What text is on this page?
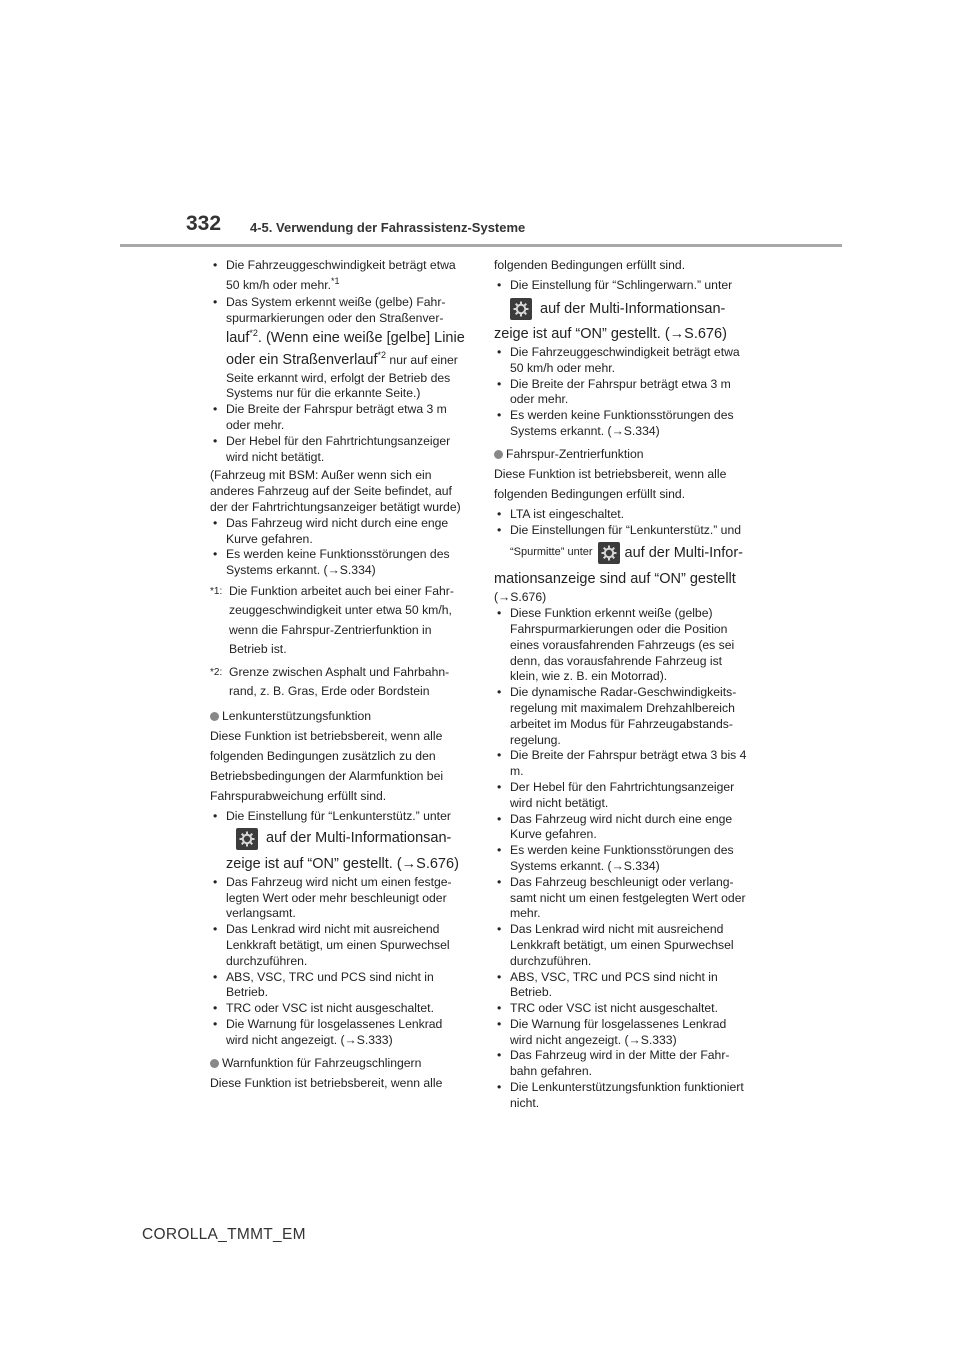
332 4-5. Verwendung der Fahrassistenz-Systeme
• Die Fahrzeuggeschwindigkeit beträgt etwa
50 km/h oder mehr.$^{*1}$
• Das System erkennt weiße (gelbe) Fahrspurmarkierungen oder den Straßenver-
lauf$^{*2}$. (Wenn eine weiße [gelbe] Linie
oder ein Straßenverlauf$^{*2}$ nur auf einer Seite erkannt wird, erfolgt der Betrieb des Systems nur für die erkannte Seite.)
• Die Breite der Fahrspur beträgt etwa 3 m oder mehr.
• Der Hebel für den Fahrtrichtungsanzeiger wird nicht betätigt.
(Fahrzeug mit BSM: Außer wenn sich ein anderes Fahrzeug auf der Seite befindet, auf der der Fahrtrichtungsanzeiger betätigt wurde)
• Das Fahrzeug wird nicht durch eine enge Kurve gefahren.
• Es werden keine Funktionsstörungen des Systems erkannt. (→S.334)
*1: Die Funktion arbeitet auch bei einer Fahrzeuggeschwindigkeit unter etwa 50 km/h, wenn die Fahrspur-Zentrierfunktion in Betrieb ist.
*2: Grenze zwischen Asphalt und Fahrbahnrand, z. B. Gras, Erde oder Bordstein
Lenkunterstützungsfunktion
Diese Funktion ist betriebsbereit, wenn alle folgenden Bedingungen zusätzlich zu den Betriebsbedingungen der Alarmfunktion bei Fahrspurabweichung erfüllt sind.
• Die Einstellung für “Lenkunterstütz.” unter
auf der Multi-Informationsan-
zeige ist auf “ON” gestellt. (→S.676)
• Das Fahrzeug wird nicht um einen festgelegten Wert oder mehr beschleunigt oder verlangsamt.
• Das Lenkrad wird nicht mit ausreichend Lenkkraft betätigt, um einen Spurwechsel durchzuführen.
• ABS, VSC, TRC und PCS sind nicht in Betrieb.
• TRC oder VSC ist nicht ausgeschaltet.
• Die Warnung für losgelassenes Lenkrad wird nicht angezeigt. (→S.333)
Warnfunktion für Fahrzeugschlingern
Diese Funktion ist betriebsbereit, wenn alle
folgenden Bedingungen erfüllt sind.
• Die Einstellung für “Schlingerwarn.” unter
auf der Multi-Informationsan-
zeige ist auf “ON” gestellt. (→S.676)
• Die Fahrzeuggeschwindigkeit beträgt etwa 50 km/h oder mehr.
• Die Breite der Fahrspur beträgt etwa 3 m oder mehr.
• Es werden keine Funktionsstörungen des Systems erkannt. (→S.334)
Fahrspur-Zentrierfunktion
Diese Funktion ist betriebsbereit, wenn alle folgenden Bedingungen erfüllt sind.
• LTA ist eingeschaltet.
• Die Einstellungen für “Lenkunterstütz.” und
“Spurmitte” unter auf der Multi-Infor-
mationsanzeige sind auf “ON” gestellt
(→S.676)
• Diese Funktion erkennt weiße (gelbe) Fahrspurmarkierungen oder die Position eines vorausfahrenden Fahrzeugs (es sei denn, das vorausfahrende Fahrzeug ist klein, wie z. B. ein Motorrad).
• Die dynamische Radar-Geschwindigkeitsregelung mit maximalem Drehzahlbereich arbeitet im Modus für Fahrzeugabstandsregelung.
• Die Breite der Fahrspur beträgt etwa 3 bis 4 m.
• Der Hebel für den Fahrtrichtungsanzeiger wird nicht betätigt.
• Das Fahrzeug wird nicht durch eine enge Kurve gefahren.
• Es werden keine Funktionsstörungen des Systems erkannt. (→S.334)
• Das Fahrzeug beschleunigt oder verlangsamt nicht um einen festgelegten Wert oder mehr.
• Das Lenkrad wird nicht mit ausreichend Lenkkraft betätigt, um einen Spurwechsel durchzuführen.
• ABS, VSC, TRC und PCS sind nicht in Betrieb.
• TRC oder VSC ist nicht ausgeschaltet.
• Die Warnung für losgelassenes Lenkrad wird nicht angezeigt. (→S.333)
• Das Fahrzeug wird in der Mitte der Fahrbahn gefahren.
• Die Lenkunterstützungsfunktion funktioniert nicht.
COROLLA_TMMT_EM
